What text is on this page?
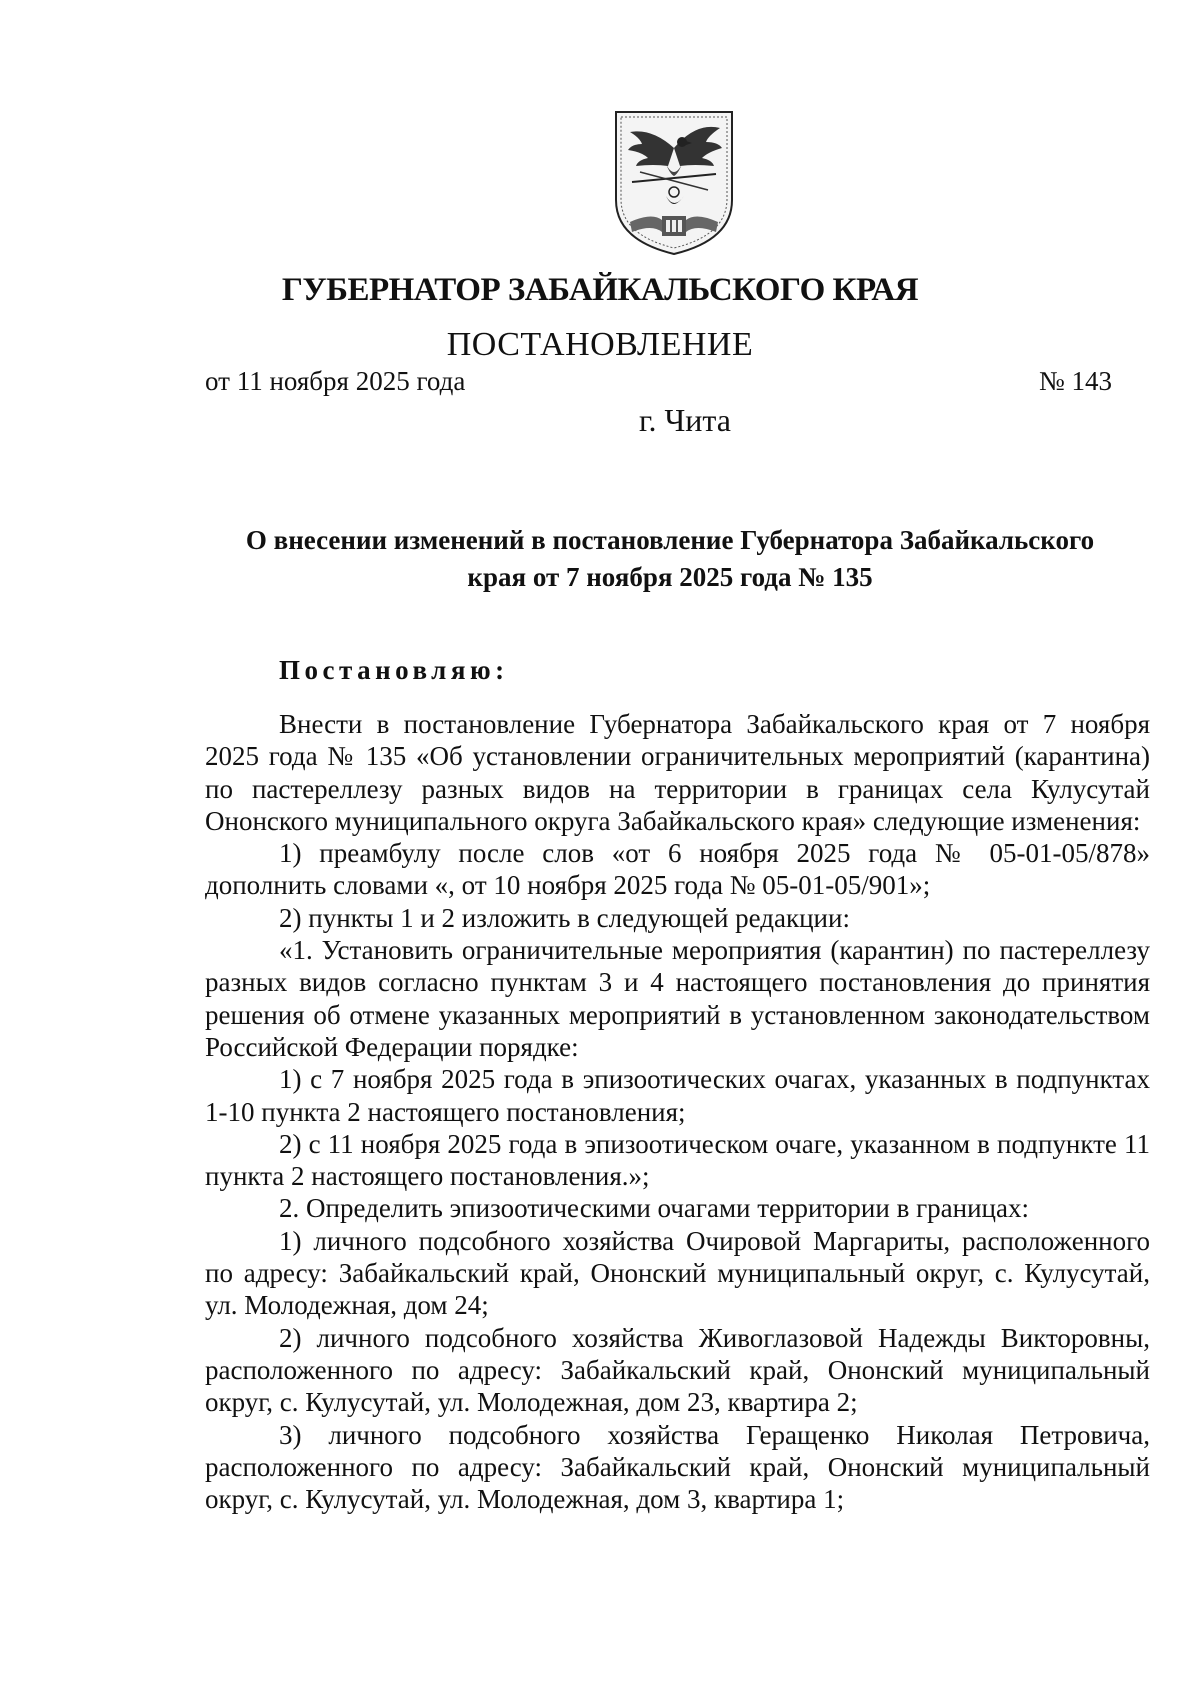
ГУБЕРНАТОР ЗАБАЙКАЛЬСКОГО КРАЯ
ПОСТАНОВЛЕНИЕ
от 11 ноября 2025 года	№ 143
г. Чита
О внесении изменений в постановление Губернатора Забайкальского
края от 7 ноября 2025 года № 135
Постановляю:

Внести в постановление Губернатора Забайкальского края от 7 ноября 2025 года № 135 «Об установлении ограничительных мероприятий (карантина) по пастереллезу разных видов на территории в границах села Кулусутай Ононского муниципального округа Забайкальского края» следующие изменения:

1) преамбулу после слов «от 6 ноября 2025 года № 05-01-05/878» дополнить словами «, от 10 ноября 2025 года № 05-01-05/901»;

2) пункты 1 и 2 изложить в следующей редакции:

«1. Установить ограничительные мероприятия (карантин) по пастереллезу разных видов согласно пунктам 3 и 4 настоящего постановления до принятия решения об отмене указанных мероприятий в установленном законодательством Российской Федерации порядке:

1) с 7 ноября 2025 года в эпизоотических очагах, указанных в подпунктах 1-10 пункта 2 настоящего постановления;

2) с 11 ноября 2025 года в эпизоотическом очаге, указанном в подпункте 11 пункта 2 настоящего постановления.»;

2. Определить эпизоотическими очагами территории в границах:

1) личного подсобного хозяйства Очировой Маргариты, расположенного по адресу: Забайкальский край, Ононский муниципальный округ, с. Кулусутай, ул. Молодежная, дом 24;

2) личного подсобного хозяйства Живоглазовой Надежды Викторовны, расположенного по адресу: Забайкальский край, Ононский муниципальный округ, с. Кулусутай, ул. Молодежная, дом 23, квартира 2;

3) личного подсобного хозяйства Геращенко Николая Петровича, расположенного по адресу: Забайкальский край, Ононский муниципальный округ, с. Кулусутай, ул. Молодежная, дом 3, квартира 1;
